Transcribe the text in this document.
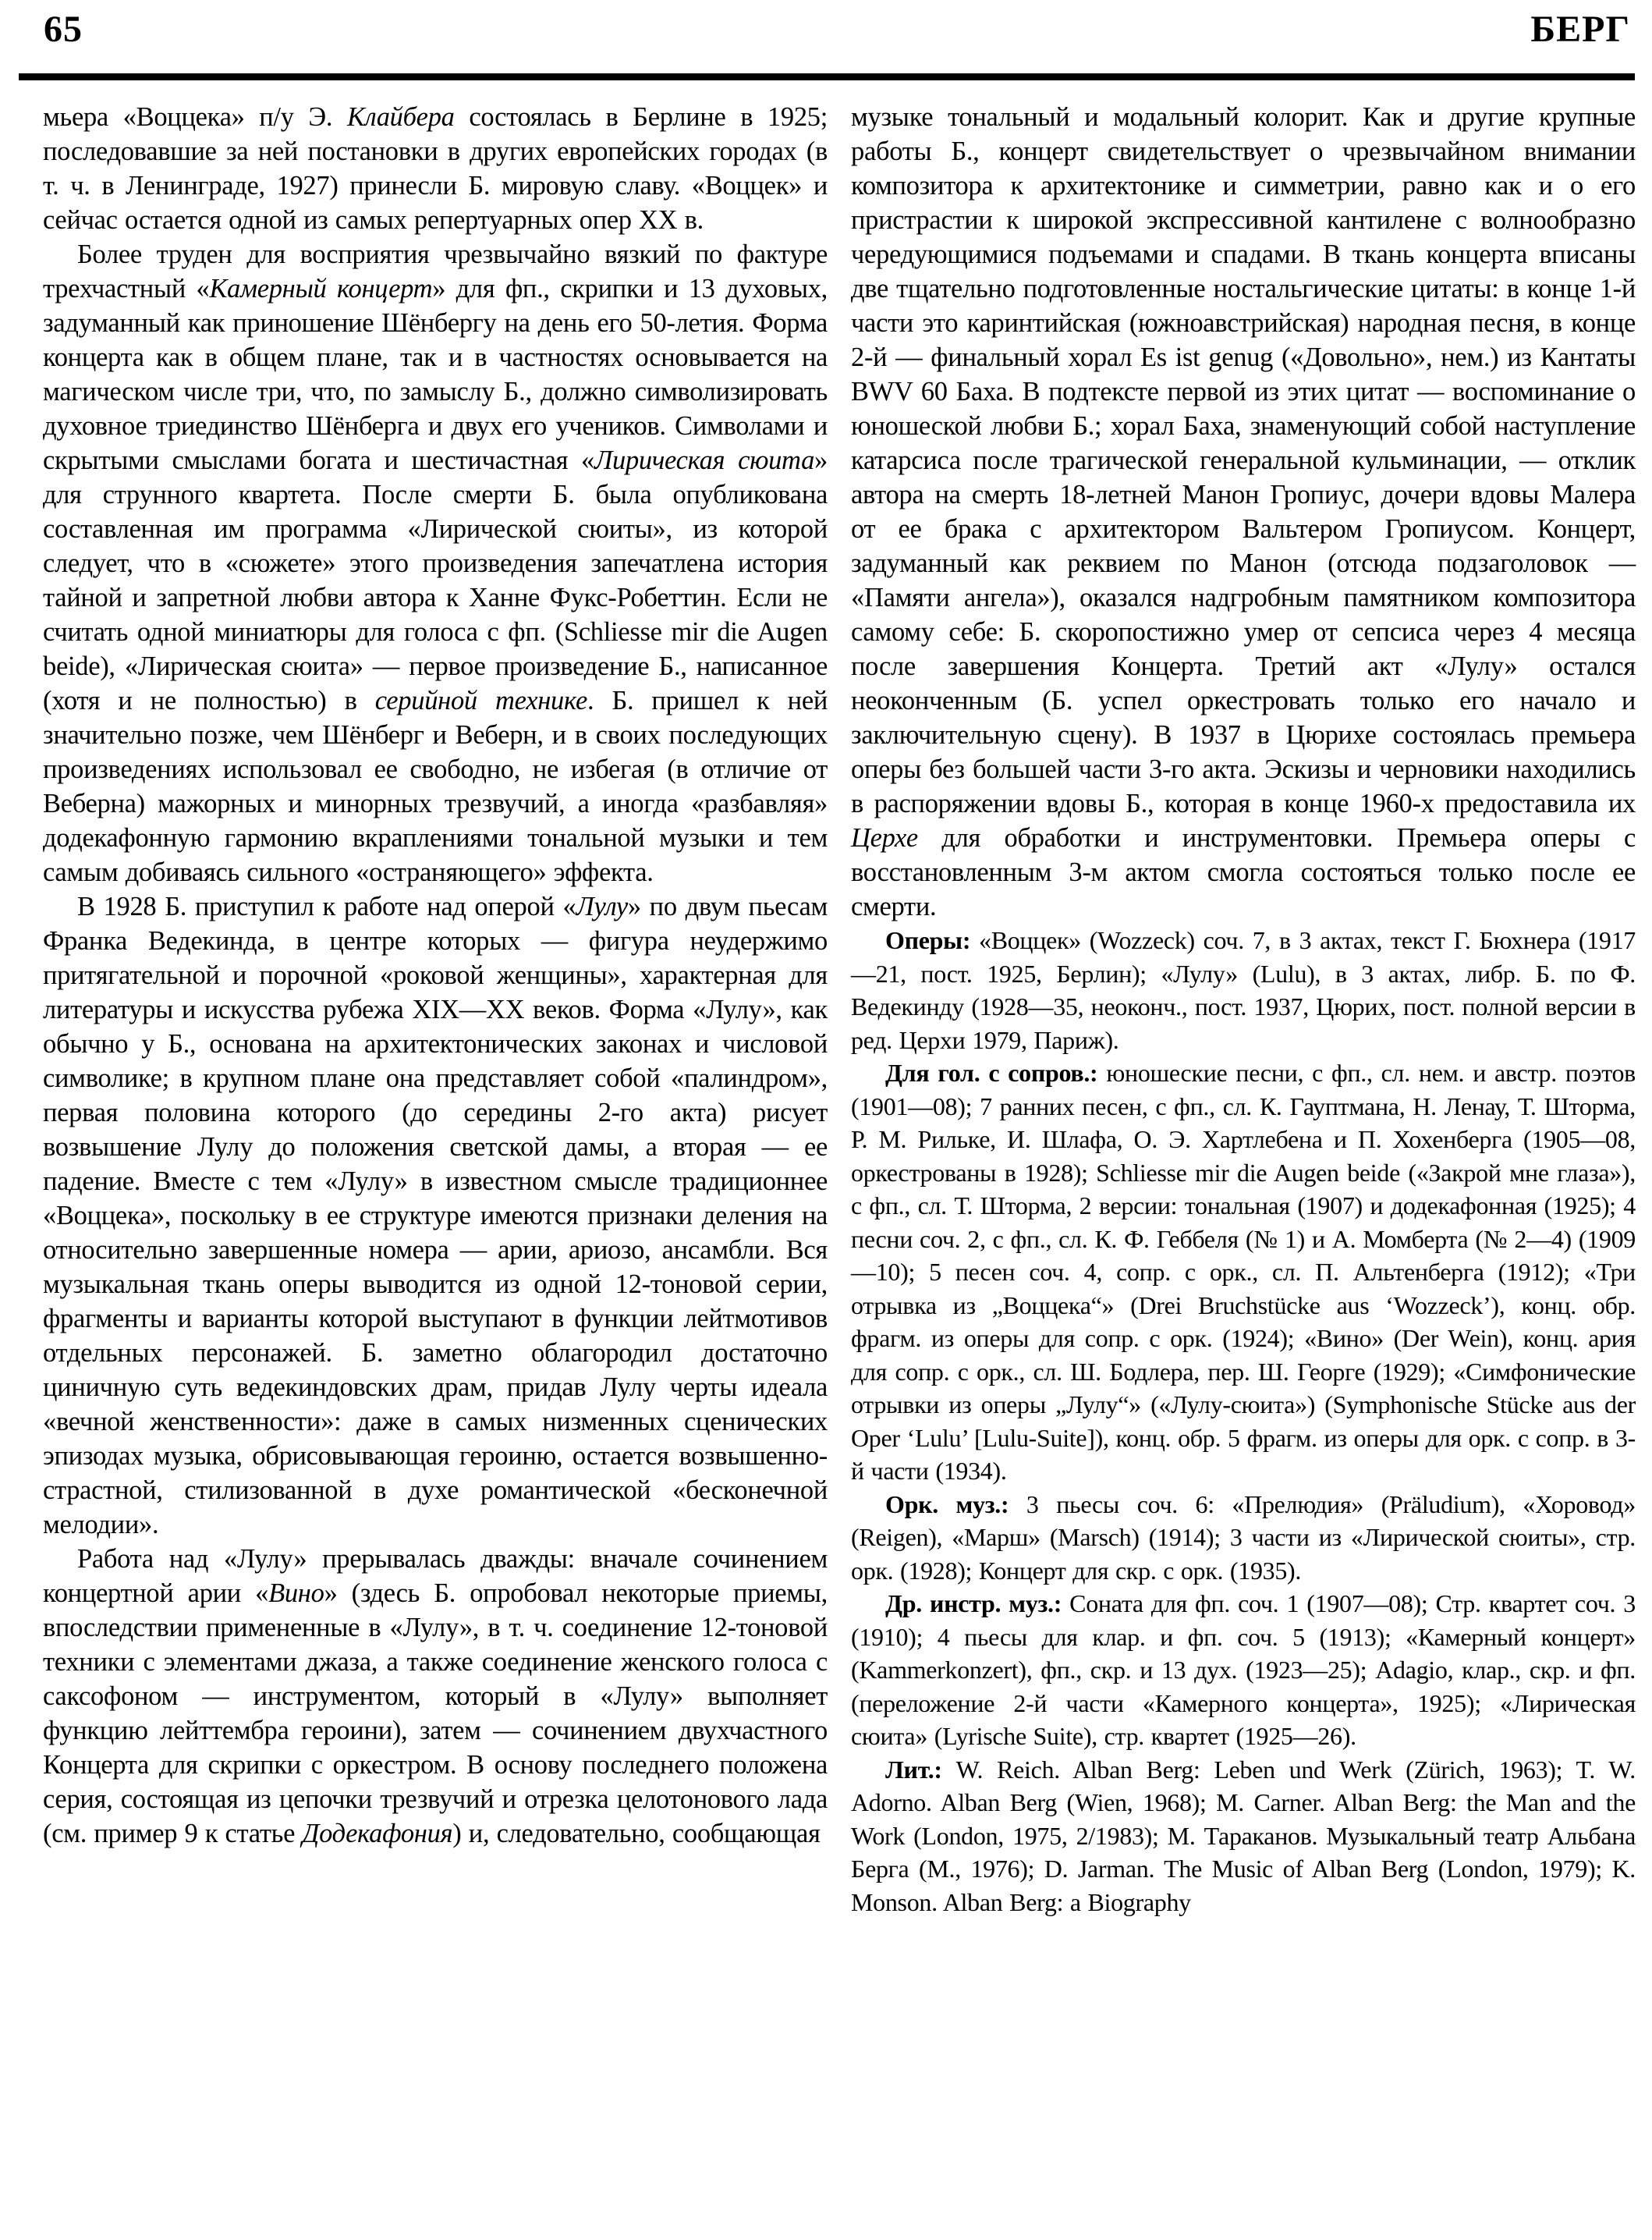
65	БЕРГ

мьера «Воццека» п/у Э. Клайбера состоялась в Берлине в 1925; последовавшие за ней постановки в других европейских городах (в т. ч. в Ленинграде, 1927) принесли Б. мировую славу. «Воццек» и сейчас остается одной из самых репертуарных опер XX в.

Более труден для восприятия чрезвычайно вязкий по фактуре трехчастный «Камерный концерт» для фп., скрипки и 13 духовых, задуманный как приношение Шёнбергу на день его 50-летия. Форма концерта как в общем плане, так и в частностях основывается на магическом числе три, что, по замыслу Б., должно символизировать духовное триединство Шёнберга и двух его учеников. Символами и скрытыми смыслами богата и шестичастная «Лирическая сюита» для струнного квартета. После смерти Б. была опубликована составленная им программа «Лирической сюиты», из которой следует, что в «сюжете» этого произведения запечатлена история тайной и запретной любви автора к Ханне Фукс-Робеттин. Если не считать одной миниатюры для голоса с фп. (Schliesse mir die Augen beide), «Лирическая сюита» — первое произведение Б., написанное (хотя и не полностью) в серийной технике. Б. пришел к ней значительно позже, чем Шёнберг и Веберн, и в своих последующих произведениях использовал ее свободно, не избегая (в отличие от Веберна) мажорных и минорных трезвучий, а иногда «разбавляя» додекафонную гармонию вкраплениями тональной музыки и тем самым добиваясь сильного «остраняющего» эффекта.

В 1928 Б. приступил к работе над оперой «Лулу» по двум пьесам Франка Ведекинда, в центре которых — фигура неудержимо притягательной и порочной «роковой женщины», характерная для литературы и искусства рубежа XIX—XX веков. Форма «Лулу», как обычно у Б., основана на архитектонических законах и числовой символике; в крупном плане она представляет собой «палиндром», первая половина которого (до середины 2-го акта) рисует возвышение Лулу до положения светской дамы, а вторая — ее падение. Вместе с тем «Лулу» в известном смысле традиционнее «Воццека», поскольку в ее структуре имеются признаки деления на относительно завершенные номера — арии, ариозо, ансамбли. Вся музыкальная ткань оперы выводится из одной 12-тоновой серии, фрагменты и варианты которой выступают в функции лейтмотивов отдельных персонажей. Б. заметно облагородил достаточно циничную суть ведекиндовских драм, придав Лулу черты идеала «вечной женственности»: даже в самых низменных сценических эпизодах музыка, обрисовывающая героиню, остается возвышенно-страстной, стилизованной в духе романтической «бесконечной мелодии».

Работа над «Лулу» прерывалась дважды: вначале сочинением концертной арии «Вино» (здесь Б. опробовал некоторые приемы, впоследствии примененные в «Лулу», в т. ч. соединение 12-тоновой техники с элементами джаза, а также соединение женского голоса с саксофоном — инструментом, который в «Лулу» выполняет функцию лейттембра героини), затем — сочинением двухчастного Концерта для скрипки с оркестром. В основу последнего положена серия, состоящая из цепочки трезвучий и отрезка целотонового лада (см. пример 9 к статье Додекафония) и, следовательно, сообщающая

музыке тональный и модальный колорит. Как и другие крупные работы Б., концерт свидетельствует о чрезвычайном внимании композитора к архитектонике и симметрии, равно как и о его пристрастии к широкой экспрессивной кантилене с волнообразно чередующимися подъемами и спадами. В ткань концерта вписаны две тщательно подготовленные ностальгические цитаты: в конце 1-й части это каринтийская (южноавстрийская) народная песня, в конце 2-й — финальный хорал Es ist genug («Довольно», нем.) из Кантаты BWV 60 Баха. В подтексте первой из этих цитат — воспоминание о юношеской любви Б.; хорал Баха, знаменующий собой наступление катарсиса после трагической генеральной кульминации, — отклик автора на смерть 18-летней Манон Гропиус, дочери вдовы Малера от ее брака с архитектором Вальтером Гропиусом. Концерт, задуманный как реквием по Манон (отсюда подзаголовок — «Памяти ангела»), оказался надгробным памятником композитора самому себе: Б. скоропостижно умер от сепсиса через 4 месяца после завершения Концерта. Третий акт «Лулу» остался неоконченным (Б. успел оркестровать только его начало и заключительную сцену). В 1937 в Цюрихе состоялась премьера оперы без большей части 3-го акта. Эскизы и черновики находились в распоряжении вдовы Б., которая в конце 1960-х предоставила их Церхе для обработки и инструментовки. Премьера оперы с восстановленным 3-м актом смогла состояться только после ее смерти.

Оперы: «Воццек» (Wozzeck) соч. 7, в 3 актах, текст Г. Бюхнера (1917—21, пост. 1925, Берлин); «Лулу» (Lulu), в 3 актах, либр. Б. по Ф. Ведекинду (1928—35, неоконч., пост. 1937, Цюрих, пост. полной версии в ред. Церхи 1979, Париж).

Для гол. с сопров.: юношеские песни, с фп., сл. нем. и австр. поэтов (1901—08); 7 ранних песен, с фп., сл. К. Гауптмана, Н. Ленау, Т. Шторма, Р. М. Рильке, И. Шлафа, О. Э. Хартлебена и П. Хохенберга (1905—08, оркестрованы в 1928); Schliesse mir die Augen beide («Закрой мне глаза»), с фп., сл. Т. Шторма, 2 версии: тональная (1907) и додекафонная (1925); 4 песни соч. 2, с фп., сл. К. Ф. Геббеля (№ 1) и А. Момберта (№ 2—4) (1909—10); 5 песен соч. 4, сопр. с орк., сл. П. Альтенберга (1912); «Три отрывка из „Воццека“» (Drei Bruchstücke aus ‘Wozzeck’), конц. обр. фрагм. из оперы для сопр. с орк. (1924); «Вино» (Der Wein), конц. ария для сопр. с орк., сл. Ш. Бодлера, пер. Ш. Георге (1929); «Симфонические отрывки из оперы „Лулу“» («Лулу-сюита») (Symphonische Stücke aus der Oper ‘Lulu’ [Lulu-Suite]), конц. обр. 5 фрагм. из оперы для орк. с сопр. в 3-й части (1934).

Орк. муз.: 3 пьесы соч. 6: «Прелюдия» (Präludium), «Хоровод» (Reigen), «Марш» (Marsch) (1914); 3 части из «Лирической сюиты», стр. орк. (1928); Концерт для скр. с орк. (1935).

Др. инстр. муз.: Соната для фп. соч. 1 (1907—08); Стр. квартет соч. 3 (1910); 4 пьесы для клар. и фп. соч. 5 (1913); «Камерный концерт» (Kammerkonzert), фп., скр. и 13 дух. (1923—25); Adagio, клар., скр. и фп. (переложение 2-й части «Камерного концерта», 1925); «Лирическая сюита» (Lyrische Suite), стр. квартет (1925—26).

Лит.: W. Reich. Alban Berg: Leben und Werk (Zürich, 1963); T. W. Adorno. Alban Berg (Wien, 1968); M. Carner. Alban Berg: the Man and the Work (London, 1975, 2/1983); М. Тараканов. Музыкальный театр Альбана Берга (М., 1976); D. Jarman. The Music of Alban Berg (London, 1979); K. Monson. Alban Berg: a Biography
